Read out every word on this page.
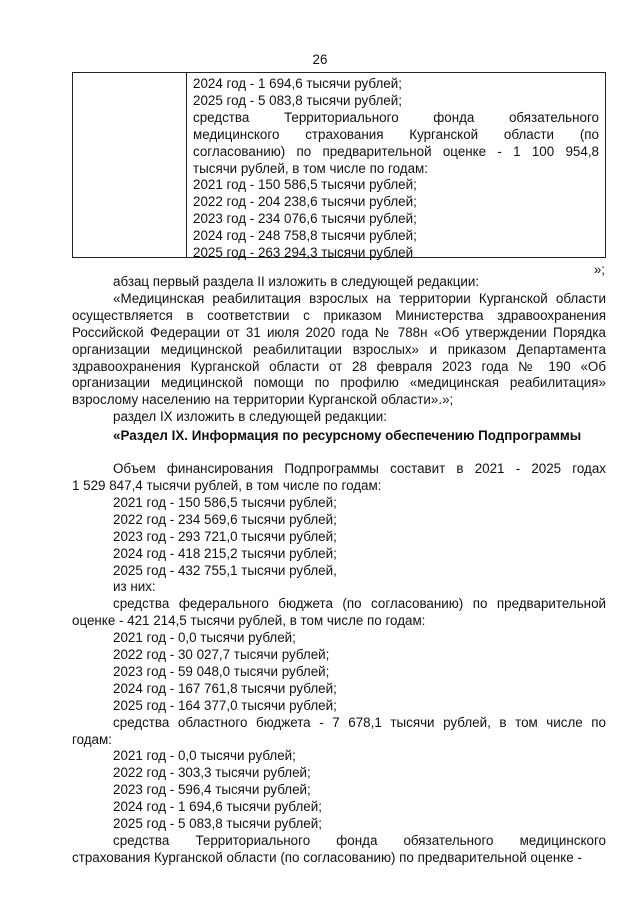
26
2024 год - 1 694,6 тысячи рублей;
2025 год - 5 083,8 тысячи рублей;
средства Территориального фонда обязательного
медицинского страхования Курганской области (по
согласованию) по предварительной оценке - 1 100 954,8
тысячи рублей, в том числе по годам:
2021 год - 150 586,5 тысячи рублей;
2022 год - 204 238,6 тысячи рублей;
2023 год - 234 076,6 тысячи рублей;
2024 год - 248 758,8 тысячи рублей;
2025 год - 263 294,3 тысячи рублей
»;
абзац первый раздела II изложить в следующей редакции:
«Медицинская реабилитация взрослых на территории Курганской области
осуществляется в соответствии с приказом Министерства здравоохранения
Российской Федерации от 31 июля 2020 года № 788н «Об утверждении Порядка
организации медицинской реабилитации взрослых» и приказом Департамента
здравоохранения Курганской области от 28 февраля 2023 года № 190 «Об
организации медицинской помощи по профилю «медицинская реабилитация»
взрослому населению на территории Курганской области».»;
раздел IX изложить в следующей редакции:
«Раздел IX. Информация по ресурсному обеспечению Подпрограммы
Объем финансирования Подпрограммы составит в 2021 - 2025 годах
1 529 847,4 тысячи рублей, в том числе по годам:
2021 год - 150 586,5 тысячи рублей;
2022 год - 234 569,6 тысячи рублей;
2023 год - 293 721,0 тысячи рублей;
2024 год - 418 215,2 тысячи рублей;
2025 год - 432 755,1 тысячи рублей,
из них:
средства федерального бюджета (по согласованию) по предварительной
оценке - 421 214,5 тысячи рублей, в том числе по годам:
2021 год - 0,0 тысячи рублей;
2022 год - 30 027,7 тысячи рублей;
2023 год - 59 048,0 тысячи рублей;
2024 год - 167 761,8 тысячи рублей;
2025 год - 164 377,0 тысячи рублей;
средства областного бюджета - 7 678,1 тысячи рублей, в том числе по
годам:
2021 год - 0,0 тысячи рублей;
2022 год - 303,3 тысячи рублей;
2023 год - 596,4 тысячи рублей;
2024 год - 1 694,6 тысячи рублей;
2025 год - 5 083,8 тысячи рублей;
средства Территориального фонда обязательного медицинского
страхования Курганской области (по согласованию) по предварительной оценке -
